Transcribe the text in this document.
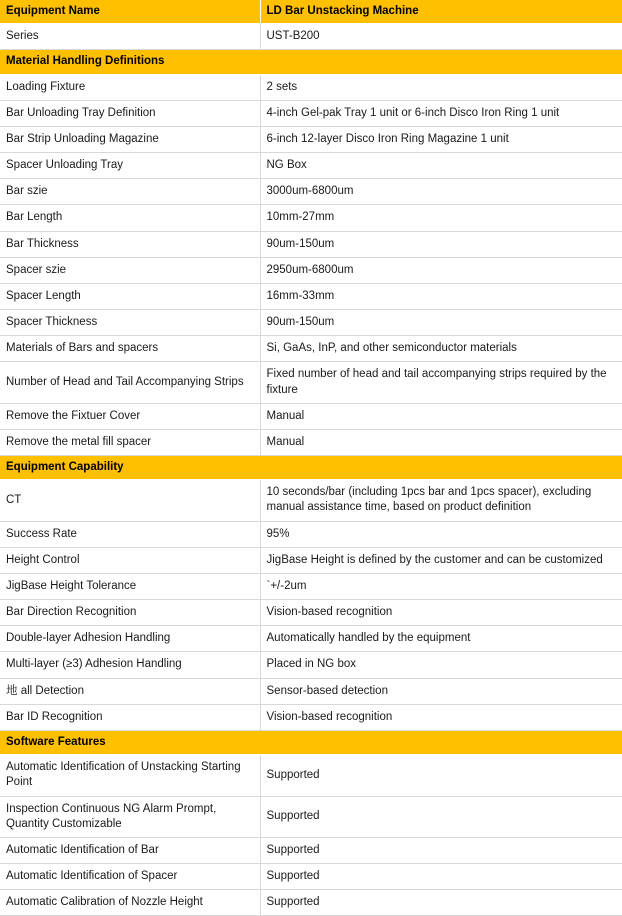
Equipment Name	LD Bar Unstacking Machine
Series	UST-B200
Material Handling Definitions	
Loading Fixture	2 sets
Bar Unloading Tray Definition	4-inch Gel-pak Tray 1 unit or 6-inch Disco Iron Ring 1 unit
Bar Strip Unloading Magazine	6-inch 12-layer Disco Iron Ring Magazine 1 unit
Spacer Unloading Tray	NG Box
Bar szie	3000um-6800um
Bar Length	10mm-27mm
Bar Thickness	90um-150um
Spacer szie	2950um-6800um
Spacer Length	16mm-33mm
Spacer Thickness	90um-150um
Materials of Bars and spacers	Si, GaAs, InP, and other semiconductor materials
Number of Head and Tail Accompanying Strips	Fixed number of head and tail accompanying strips required by the fixture
Remove the Fixtuer Cover	Manual
Remove the metal fill spacer	Manual
Equipment Capability	
CT	10 seconds/bar (including 1pcs bar and 1pcs spacer), excluding manual assistance time, based on product definition
Success Rate	95%
Height Control	JigBase Height is defined by the customer and can be customized
JigBase Height Tolerance	`+/-2um
Bar Direction Recognition	Vision-based recognition
Double-layer Adhesion Handling	Automatically handled by the equipment
Multi-layer (≥3) Adhesion Handling	Placed in NG box
地 all Detection	Sensor-based detection
Bar ID Recognition	Vision-based recognition
Software Features	
Automatic Identification of Unstacking Starting Point	Supported
Inspection Continuous NG Alarm Prompt, Quantity Customizable	Supported
Automatic Identification of Bar	Supported
Automatic Identification of Spacer	Supported
Automatic Calibration of Nozzle Height	Supported
